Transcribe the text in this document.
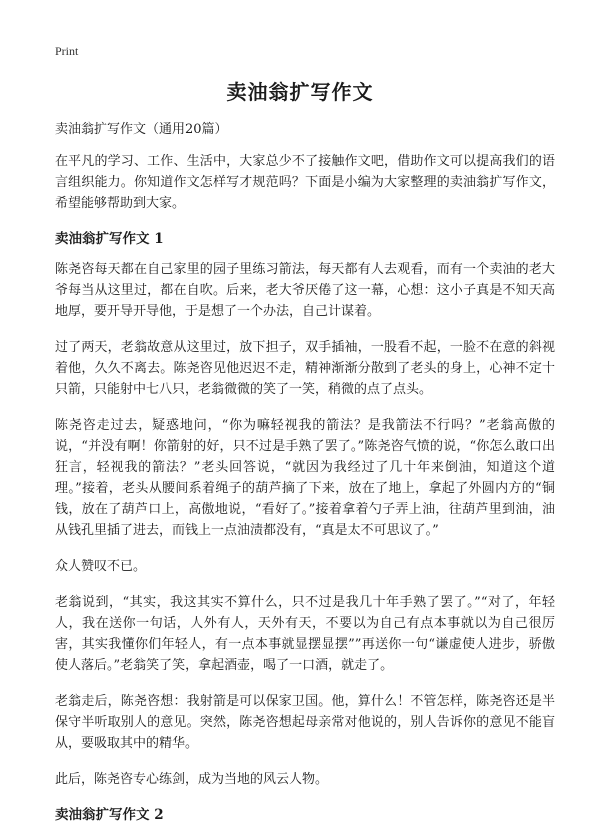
Print
卖油翁扩写作文

卖油翁扩写作文（通用20篇）

在平凡的学习、工作、生活中，大家总少不了接触作文吧，借助作文可以提高我们的语言组织能力。你知道作文怎样写才规范吗？下面是小编为大家整理的卖油翁扩写作文，希望能够帮助到大家。

卖油翁扩写作文 1

陈尧咨每天都在自己家里的园子里练习箭法，每天都有人去观看，而有一个卖油的老大爷每当从这里过，都在自吹。后来，老大爷厌倦了这一幕，心想：这小子真是不知天高地厚，要开导开导他，于是想了一个办法，自己计谋着。

过了两天，老翁故意从这里过，放下担子，双手插袖，一股看不起，一脸不在意的斜视着他，久久不离去。陈尧咨见他迟迟不走，精神渐渐分散到了老头的身上，心神不定十只箭，只能射中七八只，老翁微微的笑了一笑，稍微的点了点头。

陈尧咨走过去，疑惑地问，“你为嘛轻视我的箭法？是我箭法不行吗？”老翁高傲的说，“并没有啊！你箭射的好，只不过是手熟了罢了。”陈尧咨气愤的说，“你怎么敢口出狂言，轻视我的箭法？”老头回答说，“就因为我经过了几十年来倒油，知道这个道理。”接着，老头从腰间系着绳子的葫芦摘了下来，放在了地上，拿起了外圆内方的“铜钱，放在了葫芦口上，高傲地说，“看好了。”接着拿着勺子弄上油，往葫芦里到油，油从钱孔里插了进去，而钱上一点油渍都没有，“真是太不可思议了。”

众人赞叹不已。

老翁说到，“其实，我这其实不算什么，只不过是我几十年手熟了罢了。”“对了，年轻人，我在送你一句话，人外有人，天外有天，不要以为自己有点本事就以为自己很厉害，其实我懂你们年轻人，有一点本事就显摆显摆””再送你一句“谦虚使人进步，骄傲使人落后。”老翁笑了笑，拿起酒壶，喝了一口酒，就走了。

老翁走后，陈尧咨想：我射箭是可以保家卫国。他，算什么！不管怎样，陈尧咨还是半保守半听取别人的意见。突然，陈尧咨想起母亲常对他说的，别人告诉你的意见不能盲从，要吸取其中的精华。

此后，陈尧咨专心练剑，成为当地的风云人物。

卖油翁扩写作文 2
